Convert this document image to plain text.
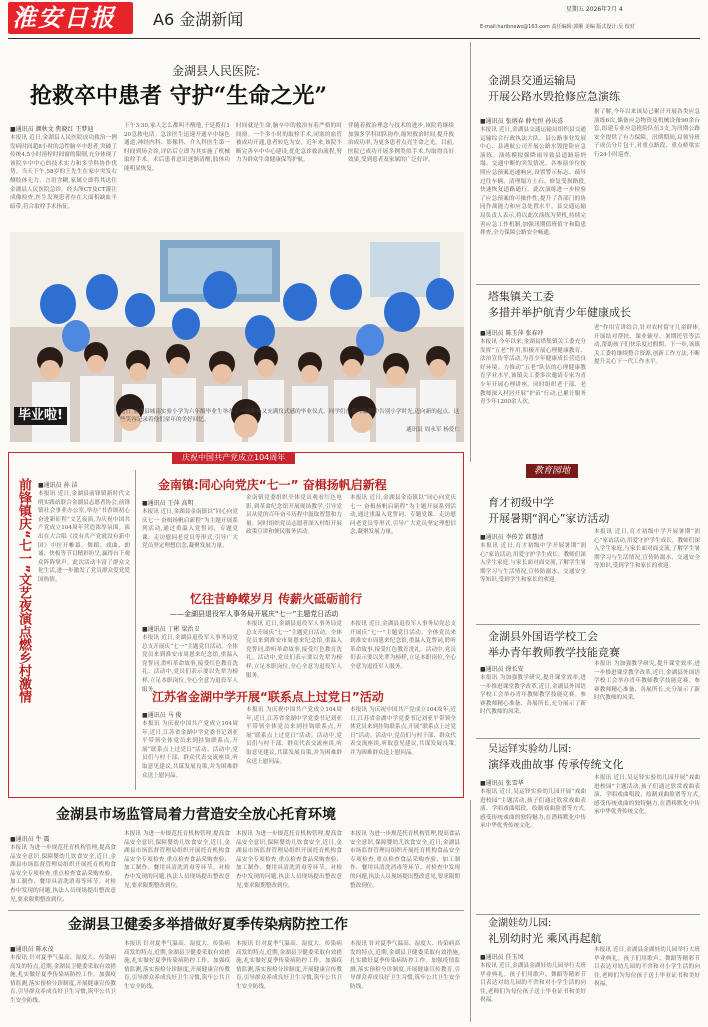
淮安日报	A6 金湖新闻
星期五 2026年7月 4
E-mail:haribnews@163.com 责任编辑:郭顺 美编 版式设计:吴 校对
金湖县人民医院:
抢救卒中患者 守护“生命之光”
■通讯员 颜秋文 焦晓红 王梦迪
本报讯 近日,金湖县人民医院成功救治一例发病时间超8小时的急性脑卒中患者,突破了传统4.5小时溶栓时间窗的限制,充分体现了该院卒中中心的技术实力和多学科协作优势。当天下午,58岁的王先生在家中突发右侧肢体无力、言语含糊,家属立即将其送往金湖县人民医院急诊。经头颅CT及CT灌注成像检查,医生发现患者存在大面积缺血半暗带,符合取栓手术指征。
下午3:30,家人怎么都叫不醒他,于是拨打120急救电话。急诊医生迅速开通卒中绿色通道,神经内科、影像科、介入科医生第一时间到场会诊,评估后立即为其实施了机械取栓手术。术后患者意识逐渐清醒,肢体功能明显恢复。
时间就是生命,脑卒中的救治有着严格的时间窗。一个多小时的取栓手术,闭塞的血管被成功开通,患者转危为安。近年来,该院不断完善卒中中心建设,优化急诊救治流程,努力为群众生命健康保驾护航。
伴随着救治理念与技术的进步,该院将继续加强多学科团队协作,缩短救治时间,提升救治成功率,为更多患者点亮生命之光。目前,医院已成功开展多例类似手术,均取得良好效果,受到患者及家属的广泛好评。
毕业啦!	近日,金湖县城南实验小学为六年级毕业生举办了一场简朴又充满仪式感的毕业仪式。同学们在爱与温暖中告别小学时光,迈向新的起点。这些笑容记录着他们童年的美好回忆。
通讯员 周永军 杨爱仁
金湖县交通运输局
开展公路水毁抢修应急演练
■通讯员 张炳春 薛允恒 孙庆喜
本报讯 近日,金湖县交通运输局组织县交通运输综合行政执法大队、县公路事业发展中心、县港航公司开展公路水毁抢险应急演练。演练模拟强降雨导致县道路基坍塌、交通中断的突发情况。各参演单位按照应急预案迅速响应,设置警示标志、疏导过往车辆、清理塌方土石、修复受损路段,快速恢复道路通行。此次演练进一步检验了应急预案的可操作性,提升了各部门的协同作战能力和应急处置水平。县交通运输局负责人表示,将以此次演练为契机,持续完善应急工作机制,加强汛期值班值守和隐患排查,全力保障公路安全畅通。
据了解,今年以来该局已累计开展各类应急演练6次,储备应急物资及机械设备90余台套,组建专业应急抢险队伍3支,为汛期公路安全提供了有力保障。汛期期间,局领导班子成员分片包干,对重点路段、重点桥梁实行24小时巡查。
塔集镇关工委
多措并举护航青少年健康成长
■通讯员 陈玉萍 张春冲
本报讯 今年以来,金湖县塔集镇关工委充分发挥“五老”作用,积极开展心理健康教育、法治宣传等活动,为青少年健康成长营造良好环境。力推动“五老”队伍的心理健康教育学业水平,该镇关工委多次邀请专家为青少年开展心理讲座。同时组织老干部、老教师深入村居开展“护苗”行动,已累计服务青少年1200余人次。
老”作用宣讲结合,针对农村留守儿童群体,开展结对帮扶、课业辅导、暑期托管等活动,帮助孩子们快乐度过假期。下一步,该镇关工委将继续整合资源,创新工作方法,不断提升关心下一代工作水平。
庆祝中国共产党成立104周年
前锋镇庆“七一”文艺夜演点燃乡村激情 ■通讯员 孙 洁
本报讯 近日,金湖县前锋镇新时代文明实践站联合金湖县志愿者协会,前锋镇社会事业办公室,举办“书香颂初心 奋进新征程”文艺夜演,为庆祝中国共产党成立104周年营造浓厚氛围。演出在大合唱《没有共产党就没有新中国》中拉开帷幕。舞蹈、戏曲、朗诵、快板等节目精彩纷呈,赢得台下观众阵阵掌声。此次活动丰富了群众文化生活,进一步激发了党员群众爱党爱国热情。
金南镇:同心向党庆“七一” 奋楫扬帆启新程
■通讯员 王萍 高明
本报讯 近日,金湖县金南镇以“同心向党庆七一 奋楫扬帆启新程”为主题开展系列活动,通过重温入党誓词、专题党课、走访慰问老党员等形式,引导广大党员坚定理想信念,凝聚发展力量。
金南镇党委组织全体党员观看红色电影,到革命纪念馆开展现场教学,引导党员从党的百年奋斗历程中汲取智慧和力量。同时组织党员志愿者深入村组开展政策宣讲和便民服务活动。
本报讯 近日,金湖县金南镇以“同心向党庆七一 奋楫扬帆启新程”为主题开展系列活动,通过重温入党誓词、专题党课、走访慰问老党员等形式,引导广大党员坚定理想信念,凝聚发展力量。
忆往昔峥嵘岁月 传薪火砥砺前行
——金湖县退役军人事务局开展庆“七一”主题党日活动
■通讯员 丁彬 梁治卫
本报讯 近日,金湖县退役军人事务局党总支开展庆“七一”主题党日活动。全体党员来到淮安市周恩来纪念馆,重温入党誓词,聆听革命故事,接受红色教育洗礼。活动中,党员们表示要以先辈为榜样,立足本职岗位,全心全意为退役军人服务。
本报讯 近日,金湖县退役军人事务局党总支开展庆“七一”主题党日活动。全体党员来到淮安市周恩来纪念馆,重温入党誓词,聆听革命故事,接受红色教育洗礼。活动中,党员们表示要以先辈为榜样,立足本职岗位,全心全意为退役军人服务。
本报讯 近日,金湖县退役军人事务局党总支开展庆“七一”主题党日活动。全体党员来到淮安市周恩来纪念馆,重温入党誓词,聆听革命故事,接受红色教育洗礼。活动中,党员们表示要以先辈为榜样,立足本职岗位,全心全意为退役军人服务。
江苏省金湖中学开展“联系点上过党日”活动
■通讯员 马 俊
本报讯 为庆祝中国共产党成立104周年,近日,江苏省金湖中学党委书记刘亚平带领全体党员来到挂钩联系点,开展“联系点上过党日”活动。活动中,党员们与村干部、群众代表交流座谈,听取意见建议,共谋发展良策,并为困难群众送上慰问品。
本报讯 为庆祝中国共产党成立104周年,近日,江苏省金湖中学党委书记刘亚平带领全体党员来到挂钩联系点,开展“联系点上过党日”活动。活动中,党员们与村干部、群众代表交流座谈,听取意见建议,共谋发展良策,并为困难群众送上慰问品。
本报讯 为庆祝中国共产党成立104周年,近日,江苏省金湖中学党委书记刘亚平带领全体党员来到挂钩联系点,开展“联系点上过党日”活动。活动中,党员们与村干部、群众代表交流座谈,听取意见建议,共谋发展良策,并为困难群众送上慰问品。
教育园地
育才初级中学
开展暑期“润心”家访活动
■通讯员 李传芳 韩慧清
本报讯 近日,育才初级中学开展暑期“润心”家访活动,用爱守护学生成长。教师们深入学生家庭,与家长面对面交流,了解学生暑期学习与生活情况,宣传防溺水、交通安全等知识,受到学生和家长的欢迎。
本报讯 近日,育才初级中学开展暑期“润心”家访活动,用爱守护学生成长。教师们深入学生家庭,与家长面对面交流,了解学生暑期学习与生活情况,宣传防溺水、交通安全等知识,受到学生和家长的欢迎。
金湖县外国语学校工会
举办青年教师教学技能竞赛
■通讯员 徐长安
本报讯 为加强教学研究,提升课堂效率,进一步推进课堂教学改革,近日,金湖县外国语学校工会举办青年教师教学技能竞赛。参赛教师精心准备、各展所长,充分展示了新时代教师的风采。
本报讯 为加强教学研究,提升课堂效率,进一步推进课堂教学改革,近日,金湖县外国语学校工会举办青年教师教学技能竞赛。参赛教师精心准备、各展所长,充分展示了新时代教师的风采。
吴运铎实验幼儿园:
演绎戏曲故事 传承传统文化
■通讯员 张雪华
本报讯 近日,吴运铎实验幼儿园开展“戏曲进校园”主题活动,孩子们通过欣赏戏曲表演、学唱戏曲唱段、绘制戏曲脸谱等方式,感受传统戏曲的独特魅力,在潜移默化中传承中华优秀传统文化。
本报讯 近日,吴运铎实验幼儿园开展“戏曲进校园”主题活动,孩子们通过欣赏戏曲表演、学唱戏曲唱段、绘制戏曲脸谱等方式,感受传统戏曲的独特魅力,在潜移默化中传承中华优秀传统文化。
金湖娃幼儿园:
礼别幼时光 乘风再起航
■通讯员 任玉凤
本报讯 近日,金湖县金湖娃幼儿园举行大班毕业典礼。孩子们用歌声、舞蹈等精彩节目表达对幼儿园的不舍和对小学生活的向往,老师们为每位孩子送上毕业证书和美好祝福。
本报讯 近日,金湖县金湖娃幼儿园举行大班毕业典礼。孩子们用歌声、舞蹈等精彩节目表达对幼儿园的不舍和对小学生活的向往,老师们为每位孩子送上毕业证书和美好祝福。
金湖县市场监管局着力营造安全放心托育环境
■通讯员 牛 震
本报讯 为进一步规范托育机构管理,提高食品安全意识,保障婴幼儿饮食安全,近日,金湖县市场监督管理局组织开展托育机构食品安全专项检查,重点检查食品采购查验、加工制作、餐用具清洗消毒等环节。对检查中发现的问题,执法人员现场提出整改意见,要求限期整改到位。
本报讯 为进一步规范托育机构管理,提高食品安全意识,保障婴幼儿饮食安全,近日,金湖县市场监督管理局组织开展托育机构食品安全专项检查,重点检查食品采购查验、加工制作、餐用具清洗消毒等环节。对检查中发现的问题,执法人员现场提出整改意见,要求限期整改到位。
本报讯 为进一步规范托育机构管理,提高食品安全意识,保障婴幼儿饮食安全,近日,金湖县市场监督管理局组织开展托育机构食品安全专项检查,重点检查食品采购查验、加工制作、餐用具清洗消毒等环节。对检查中发现的问题,执法人员现场提出整改意见,要求限期整改到位。
本报讯 为进一步规范托育机构管理,提高食品安全意识,保障婴幼儿饮食安全,近日,金湖县市场监督管理局组织开展托育机构食品安全专项检查,重点检查食品采购查验、加工制作、餐用具清洗消毒等环节。对检查中发现的问题,执法人员现场提出整改意见,要求限期整改到位。
金湖县卫健委多举措做好夏季传染病防控工作
■通讯员 陈永茂
本报讯 针对夏季气温高、湿度大、传染病高发的特点,近期,金湖县卫健委采取有效措施,扎实做好夏季传染病防控工作。加强疫情监测,落实预检分诊制度,开展健康宣传教育,引导群众养成良好卫生习惯,筑牢公共卫生安全防线。
本报讯 针对夏季气温高、湿度大、传染病高发的特点,近期,金湖县卫健委采取有效措施,扎实做好夏季传染病防控工作。加强疫情监测,落实预检分诊制度,开展健康宣传教育,引导群众养成良好卫生习惯,筑牢公共卫生安全防线。
本报讯 针对夏季气温高、湿度大、传染病高发的特点,近期,金湖县卫健委采取有效措施,扎实做好夏季传染病防控工作。加强疫情监测,落实预检分诊制度,开展健康宣传教育,引导群众养成良好卫生习惯,筑牢公共卫生安全防线。
本报讯 针对夏季气温高、湿度大、传染病高发的特点,近期,金湖县卫健委采取有效措施,扎实做好夏季传染病防控工作。加强疫情监测,落实预检分诊制度,开展健康宣传教育,引导群众养成良好卫生习惯,筑牢公共卫生安全防线。
